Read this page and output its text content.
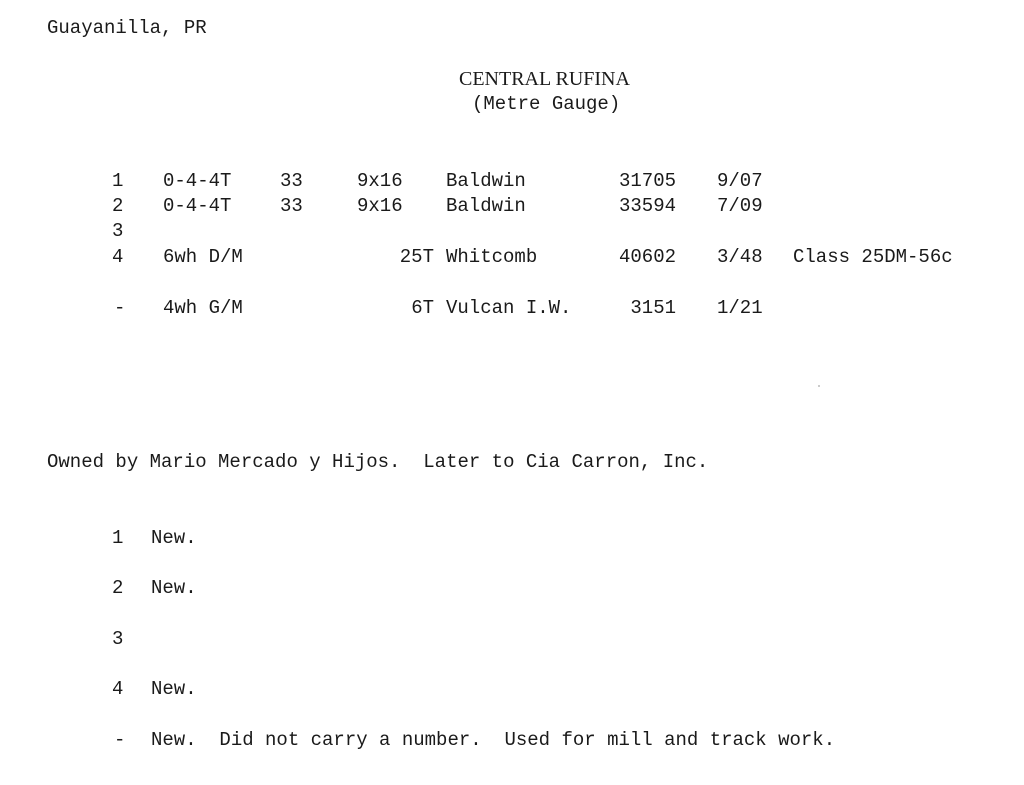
Guayanilla, PR
CENTRAL RUFINA
(Metre Gauge)
1 0-4-4T	33	9x16 Baldwin	31705 9/07
2 0-4-4T	33	9x16 Baldwin	33594 7/09
3
4 6wh D/M	25T Whitcomb	40602 3/48 Class 25DM-56c
- 4wh G/M	6T Vulcan I.W.	3151 1/21
Owned by Mario Mercado y Hijos.  Later to Cia Carron, Inc.
1 New.
2 New.
3
4 New.
- New.  Did not carry a number.  Used for mill and track work.
